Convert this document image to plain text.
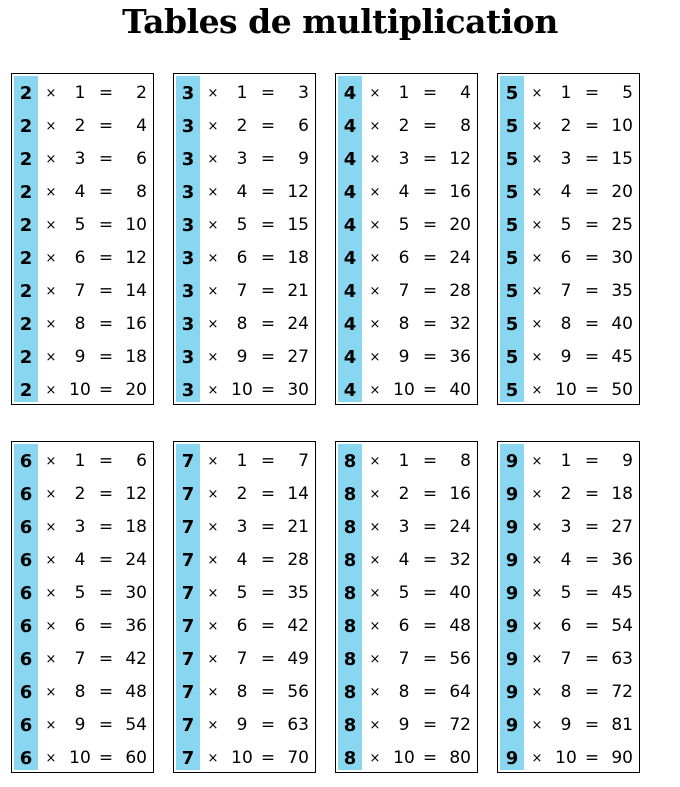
Tables de multiplication
2	×	1 =	2
2	×	2 =	4
2	×	3 =	6
2	×	4 =	8
2	×	5 = 10
2	×	6 = 12
2	×	7 = 14
2	×	8 = 16
2	×	9 = 18
2	× 10 = 20
3	×	1 =	3
3	×	2 =	6
3	×	3 =	9
3	×	4 = 12
3	×	5 = 15
3	×	6 = 18
3	×	7 = 21
3	×	8 = 24
3	×	9 = 27
3	× 10 = 30
4	×	1 =	4
4	×	2 =	8
4	×	3 = 12
4	×	4 = 16
4	×	5 = 20
4	×	6 = 24
4	×	7 = 28
4	×	8 = 32
4	×	9 = 36
4	× 10 = 40
5	×	1 =	5
5	×	2 = 10
5	×	3 = 15
5	×	4 = 20
5	×	5 = 25
5	×	6 = 30
5	×	7 = 35
5	×	8 = 40
5	×	9 = 45
5	× 10 = 50
6	×	1 =	6
6	×	2 = 12
6	×	3 = 18
6	×	4 = 24
6	×	5 = 30
6	×	6 = 36
6	×	7 = 42
6	×	8 = 48
6	×	9 = 54
6	× 10 = 60
7	×	1 =	7
7	×	2 = 14
7	×	3 = 21
7	×	4 = 28
7	×	5 = 35
7	×	6 = 42
7	×	7 = 49
7	×	8 = 56
7	×	9 = 63
7	× 10 = 70
8	×	1 =	8
8	×	2 = 16
8	×	3 = 24
8	×	4 = 32
8	×	5 = 40
8	×	6 = 48
8	×	7 = 56
8	×	8 = 64
8	×	9 = 72
8	× 10 = 80
9	×	1 =	9
9	×	2 = 18
9	×	3 = 27
9	×	4 = 36
9	×	5 = 45
9	×	6 = 54
9	×	7 = 63
9	×	8 = 72
9	×	9 = 81
9	× 10 = 90
